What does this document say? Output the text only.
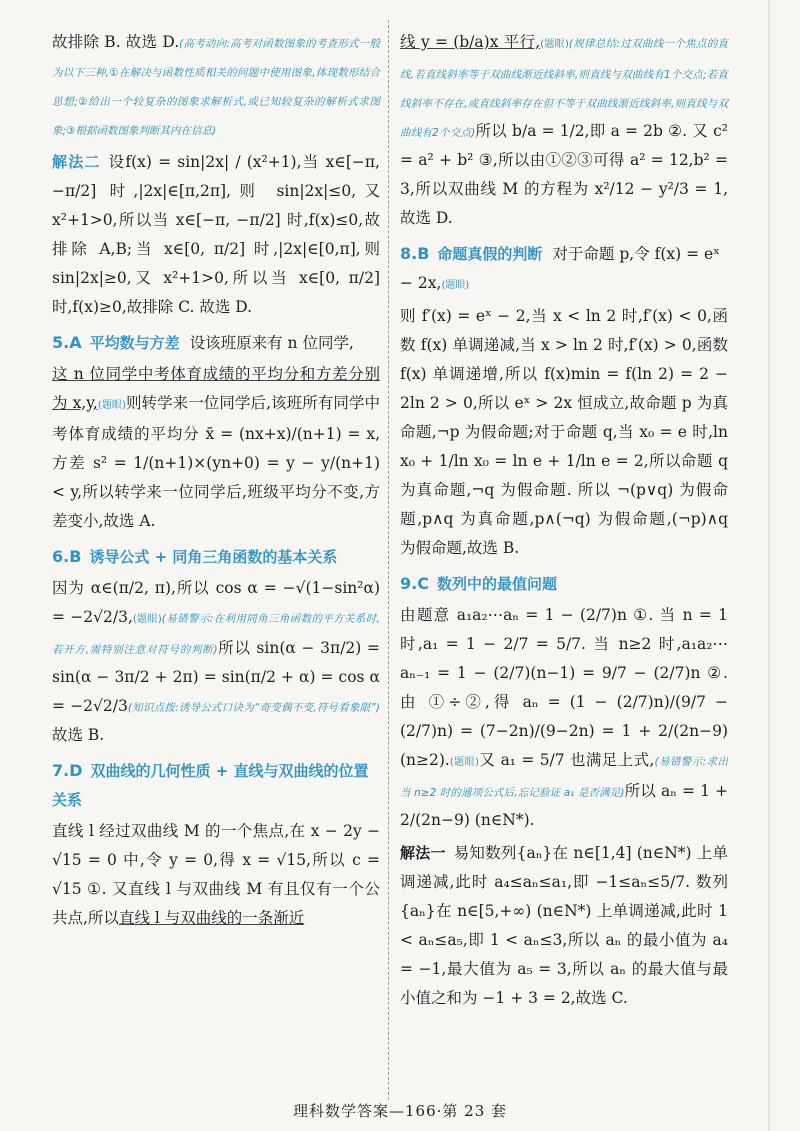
故排除 B. 故选 D.(高考动向:高考对函数图象的考查形式一般为以下三种,①在解决与函数性质相关的问题中使用图象,体现数形结合思想;②给出一个较复杂的图象求解析式,或已知较复杂的解析式求图象;③根据函数图象判断其内在信息)

解法二 设f(x) = sin|2x| / (x²+1),当 x∈[−π, −π/2] 时,|2x|∈[π,2π],则 sin|2x|≤0,又 x²+1>0,所以当 x∈[−π, −π/2] 时,f(x)≤0,故排除 A,B;当 x∈[0, π/2] 时,|2x|∈[0,π],则 sin|2x|≥0,又 x²+1>0,所以当 x∈[0, π/2] 时,f(x)≥0,故排除 C. 故选 D.

5.A 平均数与方差 设该班原来有 n 位同学,

这 n 位同学中考体育成绩的平均分和方差分别为 x,y,(题眼)则转学来一位同学后,该班所有同学中考体育成绩的平均分 x̄ = (nx+x)/(n+1) = x,方差 s² = 1/(n+1)×(yn+0) = y − y/(n+1) < y,所以转学来一位同学后,班级平均分不变,方差变小,故选 A.

6.B 诱导公式 + 同角三角函数的基本关系

因为 α∈(π/2, π),所以 cos α = −√(1−sin²α) = −2√2/3,(题眼)(易错警示:在利用同角三角函数的平方关系时,若开方,需特别注意对符号的判断)所以 sin(α − 3π/2) = sin(α − 3π/2 + 2π) = sin(π/2 + α) = cos α = −2√2/3(知识点拨:诱导公式口诀为“奇变偶不变,符号看象限”)故选 B.

7.D 双曲线的几何性质 + 直线与双曲线的位置关系

直线 l 经过双曲线 M 的一个焦点,在 x − 2y − √15 = 0 中,令 y = 0,得 x = √15,所以 c = √15 ①. 又直线 l 与双曲线 M 有且仅有一个公共点,所以直线 l 与双曲线的一条渐近

线 y = (b/a)x 平行,(题眼)(规律总结:过双曲线一个焦点的直线,若直线斜率等于双曲线渐近线斜率,则直线与双曲线有1个交点;若直线斜率不存在,或直线斜率存在但不等于双曲线渐近线斜率,则直线与双曲线有2个交点)所以 b/a = 1/2,即 a = 2b ②. 又 c² = a² + b² ③,所以由①②③可得 a² = 12,b² = 3,所以双曲线 M 的方程为 x²/12 − y²/3 = 1,故选 D.

8.B 命题真假的判断 对于命题 p,令 f(x) = eˣ − 2x,(题眼)

则 f′(x) = eˣ − 2,当 x < ln 2 时,f′(x) < 0,函数 f(x) 单调递减,当 x > ln 2 时,f′(x) > 0,函数 f(x) 单调递增,所以 f(x)min = f(ln 2) = 2 − 2ln 2 > 0,所以 eˣ > 2x 恒成立,故命题 p 为真命题,¬p 为假命题;对于命题 q,当 x₀ = e 时,ln x₀ + 1/ln x₀ = ln e + 1/ln e = 2,所以命题 q 为真命题,¬q 为假命题. 所以 ¬(p∨q) 为假命题,p∧q 为真命题,p∧(¬q) 为假命题,(¬p)∧q 为假命题,故选 B.

9.C 数列中的最值问题

由题意 a₁a₂⋯aₙ = 1 − (2/7)n ①. 当 n = 1 时,a₁ = 1 − 2/7 = 5/7. 当 n≥2 时,a₁a₂⋯aₙ₋₁ = 1 − (2/7)(n−1) = 9/7 − (2/7)n ②. 由 ①÷②,得 aₙ = (1 − (2/7)n)/(9/7 − (2/7)n) = (7−2n)/(9−2n) = 1 + 2/(2n−9) (n≥2).(题眼)又 a₁ = 5/7 也满足上式,(易错警示:求出当 n≥2 时的通项公式后,忘记验证 a₁ 是否满足)所以 aₙ = 1 + 2/(2n−9) (n∈N*).

解法一 易知数列{aₙ}在 n∈[1,4] (n∈N*) 上单调递减,此时 a₄≤aₙ≤a₁,即 −1≤aₙ≤5/7. 数列{aₙ}在 n∈[5,+∞) (n∈N*) 上单调递减,此时 1 < aₙ≤a₅,即 1 < aₙ≤3,所以 aₙ 的最小值为 a₄ = −1,最大值为 a₅ = 3,所以 aₙ 的最大值与最小值之和为 −1 + 3 = 2,故选 C.

理科数学答案—166·第 23 套
